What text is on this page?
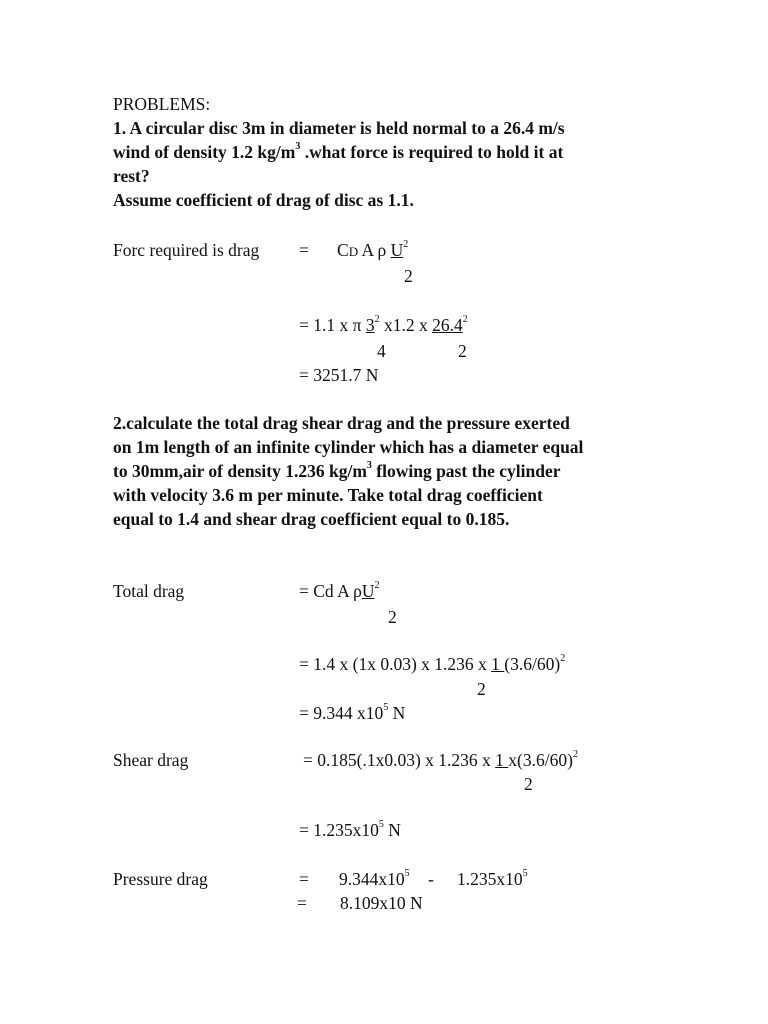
PROBLEMS:
1. A circular disc 3m in diameter is held normal to a 26.4 m/s
wind of density 1.2 $kg/m^3$ .what force is required to hold it at
rest?
Assume coefficient of drag of disc as 1.1.
Forc required is drag = CD A ρ $U^2$
2
= 1.1 x π $3^2$ x1.2 x 26.4$^2$
4	2
= 3251.7 N
2.calculate the total drag shear drag and the pressure exerted
on 1m length of an infinite cylinder which has a diameter equal
to 30mm,air of density 1.236 $kg/m^3$ flowing past the cylinder
with velocity 3.6 m per minute. Take total drag coefficient
equal to 1.4 and shear drag coefficient equal to 0.185.
Total drag	= Cd A $\rho U^2$
2
= 1.4 x (1x 0.03) x 1.236 x 1 $(3.6/60)^2$
2
= 9.344 $x10^5$ N
Shear drag	= 0.185(.1x0.03) x 1.236 x 1 $x(3.6/60)^2$
2
= $1.235x10^5$ N
Pressure drag	= $9.344x10^5 - 1.235x10^5$
= 8.109x10 N
